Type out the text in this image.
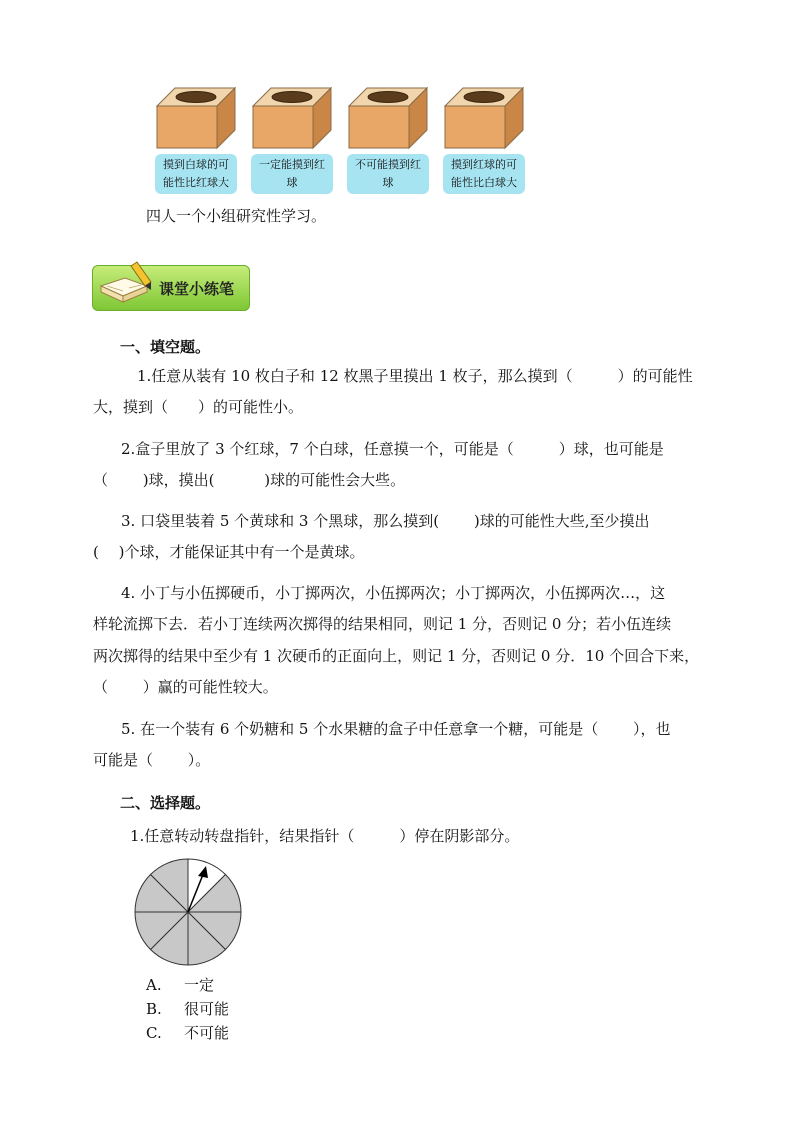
摸到白球的可能性比红球大
一定能摸到红球
不可能摸到红球
摸到红球的可能性比白球大
四人一个小组研究性学习。
课堂小练笔
一、填空题。
1.任意从装有 10 枚白子和 12 枚黑子里摸出 1 枚子，那么摸到（　　　）的可能性
大，摸到（　　）的可能性小。
2.盒子里放了 3 个红球，7 个白球，任意摸一个，可能是（　　　）球，也可能是
（　　 )球，摸出(　　　 )球的可能性会大些。
3. 口袋里装着 5 个黄球和 3 个黑球，那么摸到(　　 )球的可能性大些,至少摸出
(　 )个球，才能保证其中有一个是黄球。
4. 小丁与小伍掷硬币，小丁掷两次，小伍掷两次；小丁掷两次，小伍掷两次…，这
样轮流掷下去．若小丁连续两次掷得的结果相同，则记 1 分，否则记 0 分；若小伍连续
两次掷得的结果中至少有 1 次硬币的正面向上，则记 1 分，否则记 0 分．10 个回合下来，
（　　 ）赢的可能性较大。
5. 在一个装有 6 个奶糖和 5 个水果糖的盒子中任意拿一个糖，可能是（　　 ），也
可能是（　　 ）。
二、选择题。
1.任意转动转盘指针，结果指针（　　　）停在阴影部分。
A. 一定
B. 很可能
C. 不可能
